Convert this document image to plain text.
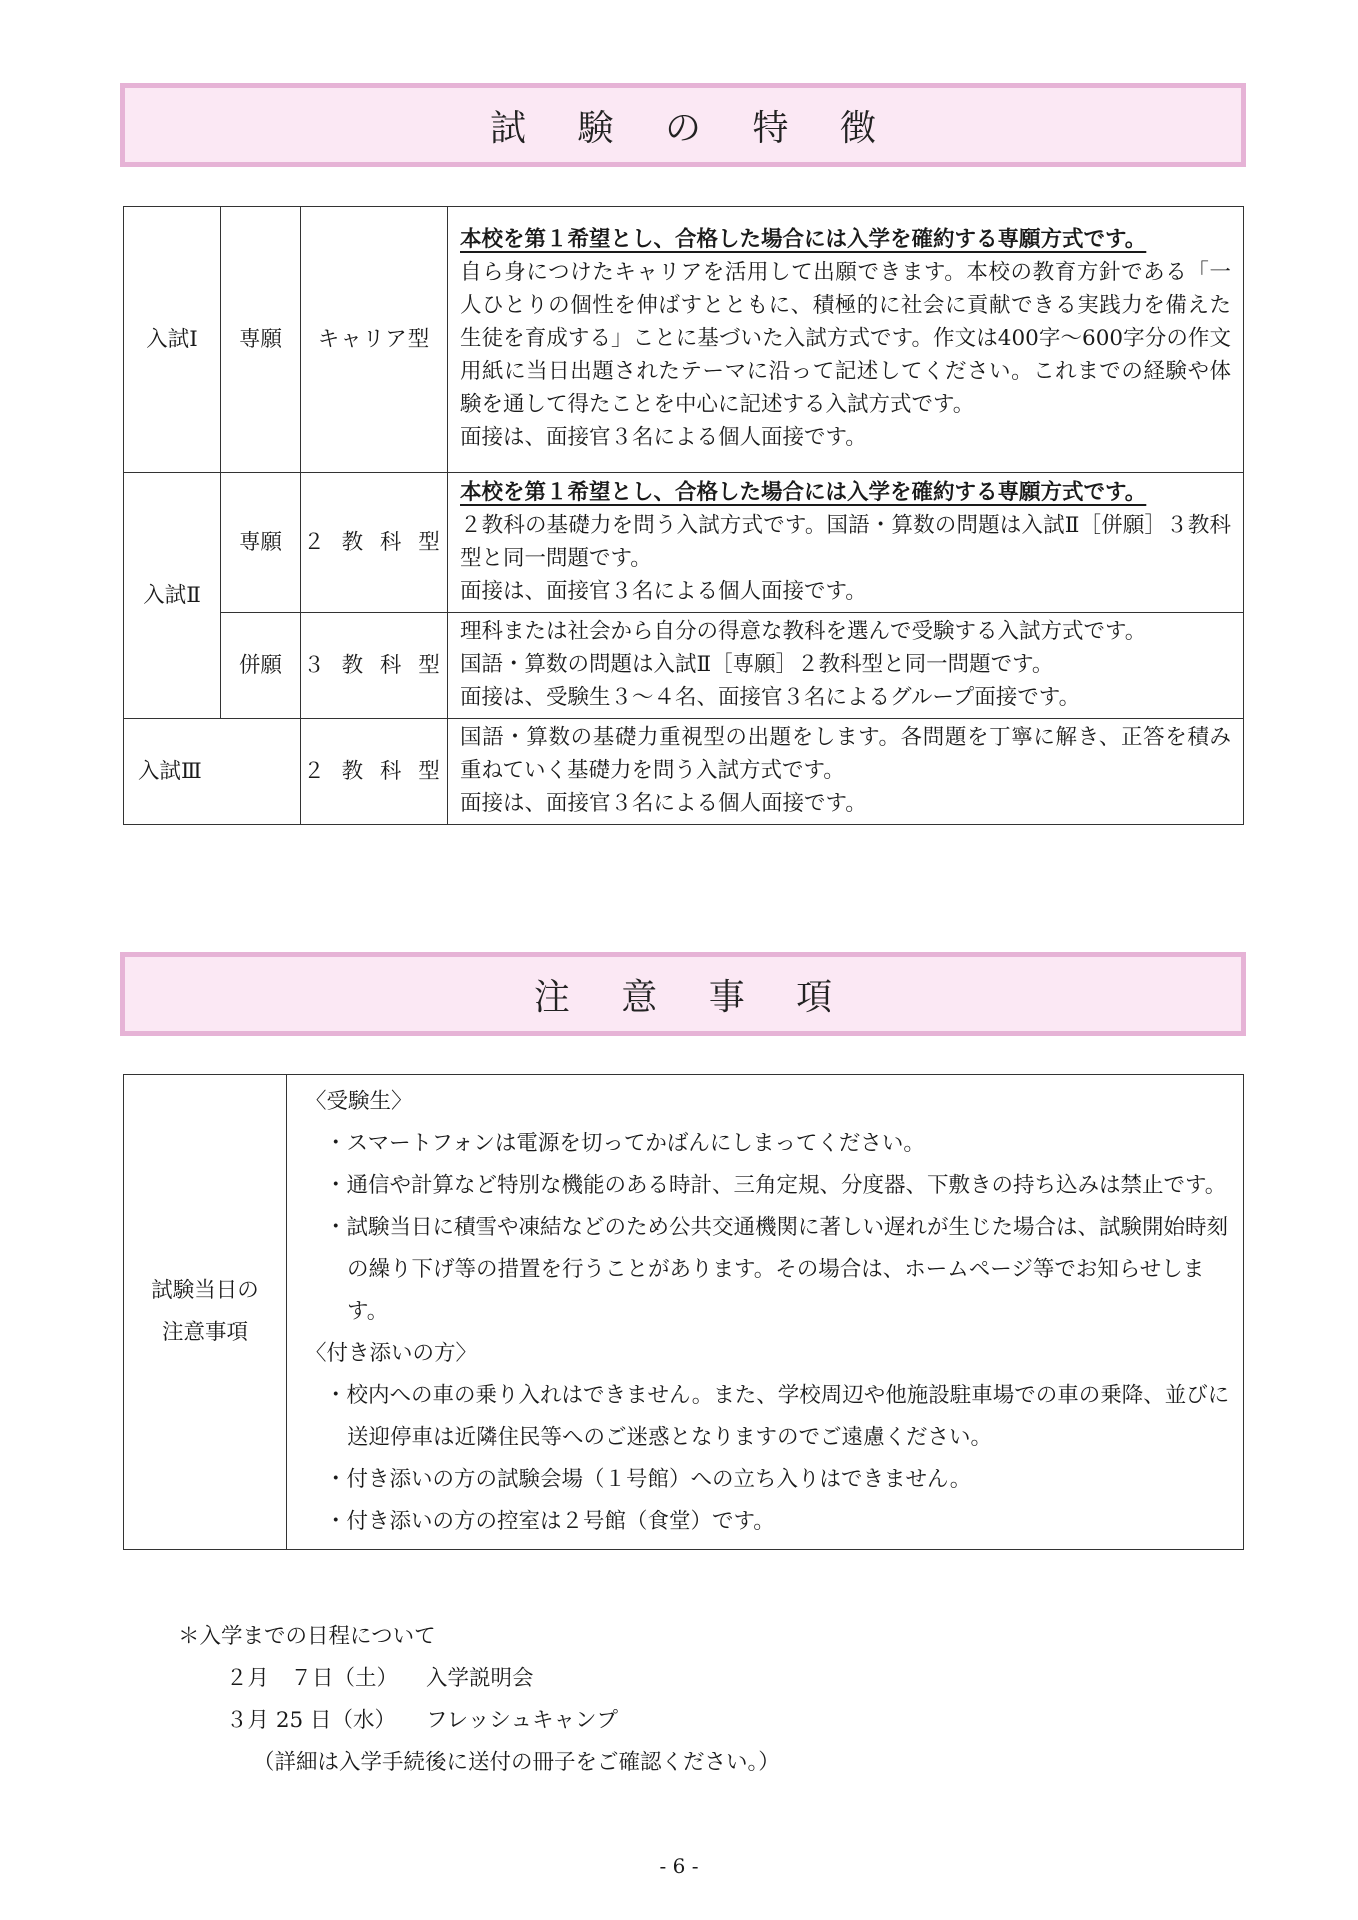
試 験 の 特 徴
入試Ⅰ	専願	キャリア型	本校を第１希望とし、合格した場合には入学を確約する専願方式です。

自ら身につけたキャリアを活用して出願できます。本校の教育方針である「一人ひとりの個性を伸ばすとともに、積極的に社会に貢献できる実践力を備えた生徒を育成する」ことに基づいた入試方式です。作文は400字～600字分の作文用紙に当日出題されたテーマに沿って記述してください。これまでの経験や体験を通して得たことを中心に記述する入試方式です。

面接は、面接官３名による個人面接です。

入試Ⅱ	専願	２ 教 科 型	本校を第１希望とし、合格した場合には入学を確約する専願方式です。

２教科の基礎力を問う入試方式です。国語・算数の問題は入試Ⅱ［併願］３教科型と同一問題です。

面接は、面接官３名による個人面接です。

	併願	３ 教 科 型	理科または社会から自分の得意な教科を選んで受験する入試方式です。

国語・算数の問題は入試Ⅱ［専願］２教科型と同一問題です。

面接は、受験生３～４名、面接官３名によるグループ面接です。

入試Ⅲ		２ 教 科 型	国語・算数の基礎力重視型の出題をします。各問題を丁寧に解き、正答を積み重ねていく基礎力を問う入試方式です。

面接は、面接官３名による個人面接です。

注 意 事 項
試験当日の
注意事項

〈受験生〉

・スマートフォンは電源を切ってかばんにしまってください。

・通信や計算など特別な機能のある時計、三角定規、分度器、下敷きの持ち込みは禁止です。

・試験当日に積雪や凍結などのため公共交通機関に著しい遅れが生じた場合は、試験開始時刻の繰り下げ等の措置を行うことがあります。その場合は、ホームページ等でお知らせします。

〈付き添いの方〉

・校内への車の乗り入れはできません。また、学校周辺や他施設駐車場での車の乗降、並びに送迎停車は近隣住民等へのご迷惑となりますのでご遠慮ください。

・付き添いの方の試験会場（１号館）への立ち入りはできません。

・付き添いの方の控室は２号館（食堂）です。

＊入学までの日程について

２月　７日（土）	入学説明会
３月 25 日（水）	フレッシュキャンプ

（詳細は入学手続後に送付の冊子をご確認ください。）

- 6 -
